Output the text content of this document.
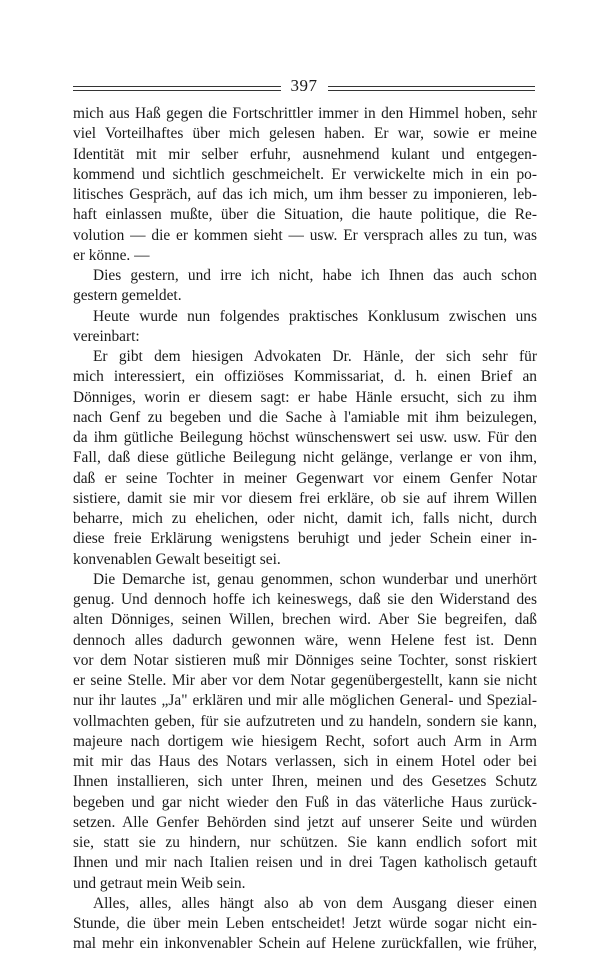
397

mich aus Haß gegen die Fortschrittler immer in den Himmel hoben, sehr

viel Vorteilhaftes über mich gelesen haben. Er war, sowie er meine

Identität mit mir selber erfuhr, ausnehmend kulant und entgegen-

kommend und sichtlich geschmeichelt. Er verwickelte mich in ein po-

litisches Gespräch, auf das ich mich, um ihm besser zu imponieren, leb-

haft einlassen mußte, über die Situation, die haute politique, die Re-

volution — die er kommen sieht — usw. Er versprach alles zu tun, was

er könne. —

Dies gestern, und irre ich nicht, habe ich Ihnen das auch schon

gestern gemeldet.

Heute wurde nun folgendes praktisches Konklusum zwischen uns

vereinbart:

Er gibt dem hiesigen Advokaten Dr. Hänle, der sich sehr für

mich interessiert, ein offiziöses Kommissariat, d. h. einen Brief an

Dönniges, worin er diesem sagt: er habe Hänle ersucht, sich zu ihm

nach Genf zu begeben und die Sache à l'amiable mit ihm beizulegen,

da ihm gütliche Beilegung höchst wünschenswert sei usw. usw. Für den

Fall, daß diese gütliche Beilegung nicht gelänge, verlange er von ihm,

daß er seine Tochter in meiner Gegenwart vor einem Genfer Notar

sistiere, damit sie mir vor diesem frei erkläre, ob sie auf ihrem Willen

beharre, mich zu ehelichen, oder nicht, damit ich, falls nicht, durch

diese freie Erklärung wenigstens beruhigt und jeder Schein einer in-

konvenablen Gewalt beseitigt sei.

Die Demarche ist, genau genommen, schon wunderbar und unerhört

genug. Und dennoch hoffe ich keineswegs, daß sie den Widerstand des

alten Dönniges, seinen Willen, brechen wird. Aber Sie begreifen, daß

dennoch alles dadurch gewonnen wäre, wenn Helene fest ist. Denn

vor dem Notar sistieren muß mir Dönniges seine Tochter, sonst riskiert

er seine Stelle. Mir aber vor dem Notar gegenübergestellt, kann sie nicht

nur ihr lautes „Ja" erklären und mir alle möglichen General- und Spezial-

vollmachten geben, für sie aufzutreten und zu handeln, sondern sie kann,

majeure nach dortigem wie hiesigem Recht, sofort auch Arm in Arm

mit mir das Haus des Notars verlassen, sich in einem Hotel oder bei

Ihnen installieren, sich unter Ihren, meinen und des Gesetzes Schutz

begeben und gar nicht wieder den Fuß in das väterliche Haus zurück-

setzen. Alle Genfer Behörden sind jetzt auf unserer Seite und würden

sie, statt sie zu hindern, nur schützen. Sie kann endlich sofort mit

Ihnen und mir nach Italien reisen und in drei Tagen katholisch getauft

und getraut mein Weib sein.

Alles, alles, alles hängt also ab von dem Ausgang dieser einen

Stunde, die über mein Leben entscheidet! Jetzt würde sogar nicht ein-

mal mehr ein inkonvenabler Schein auf Helene zurückfallen, wie früher,
